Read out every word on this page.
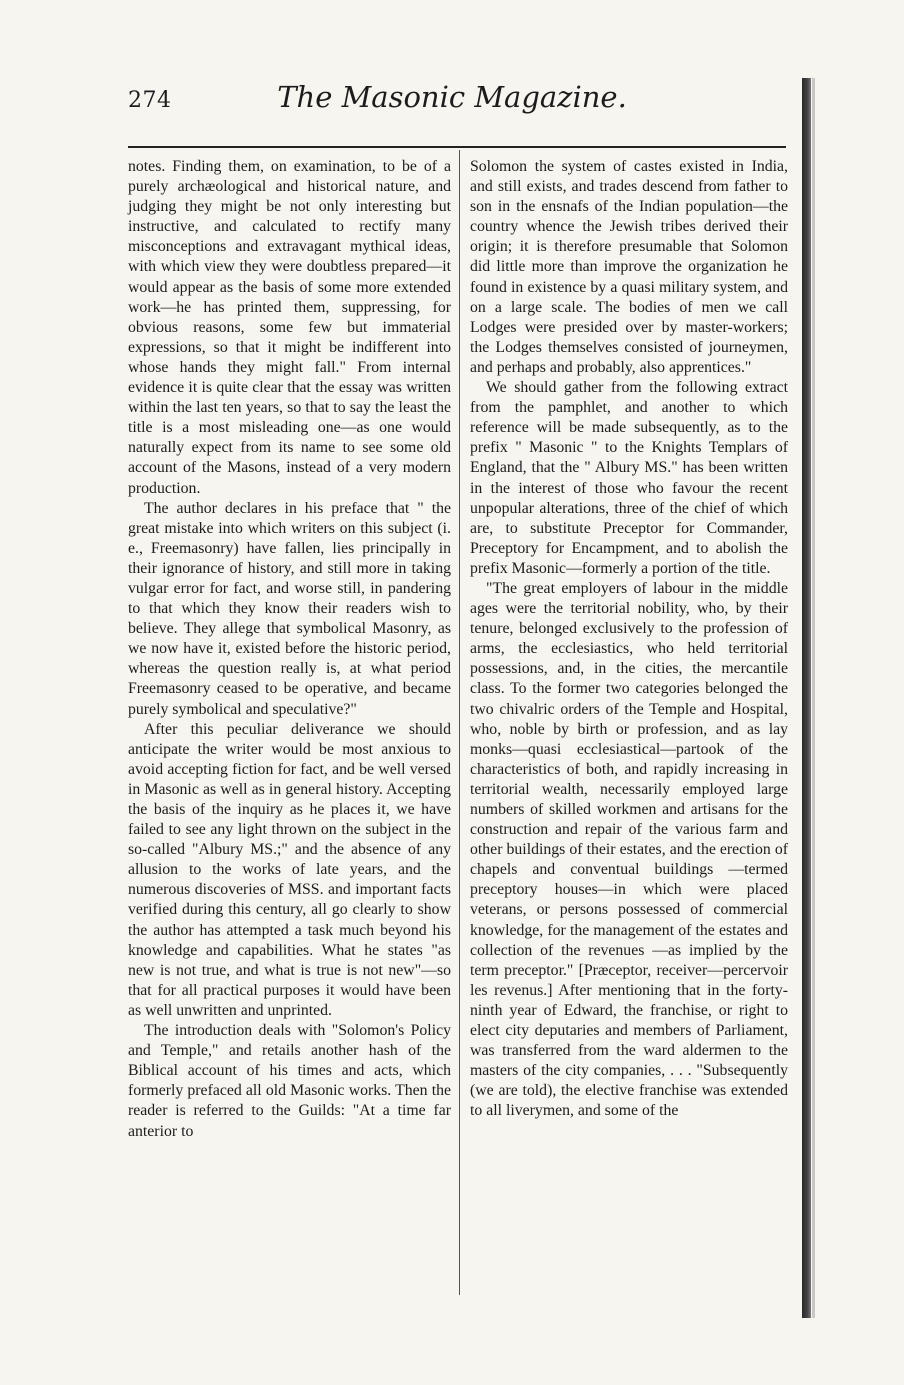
274	The Masonic Magazine.

notes. Finding them, on examination, to be of a purely archæological and historical nature, and judging they might be not only interesting but instructive, and calculated to rectify many misconceptions and extravagant mythical ideas, with which view they were doubtless prepared—it would appear as the basis of some more extended work—he has printed them, suppressing, for obvious reasons, some few but immaterial expressions, so that it might be indifferent into whose hands they might fall." From internal evidence it is quite clear that the essay was written within the last ten years, so that to say the least the title is a most misleading one—as one would naturally expect from its name to see some old account of the Masons, instead of a very modern production.

The author declares in his preface that " the great mistake into which writers on this subject (i. e., Freemasonry) have fallen, lies principally in their ignorance of history, and still more in taking vulgar error for fact, and worse still, in pandering to that which they know their readers wish to believe. They allege that symbolical Masonry, as we now have it, existed before the historic period, whereas the question really is, at what period Freemasonry ceased to be operative, and became purely symbolical and speculative?"

After this peculiar deliverance we should anticipate the writer would be most anxious to avoid accepting fiction for fact, and be well versed in Masonic as well as in general history. Accepting the basis of the inquiry as he places it, we have failed to see any light thrown on the subject in the so-called "Albury MS.;" and the absence of any allusion to the works of late years, and the numerous discoveries of MSS. and important facts verified during this century, all go clearly to show the author has attempted a task much beyond his knowledge and capabilities. What he states "as new is not true, and what is true is not new"—so that for all practical purposes it would have been as well unwritten and unprinted.

The introduction deals with "Solomon's Policy and Temple," and retails another hash of the Biblical account of his times and acts, which formerly prefaced all old Masonic works. Then the reader is referred to the Guilds: "At a time far anterior to

Solomon the system of castes existed in India, and still exists, and trades descend from father to son in the ensnafs of the Indian population—the country whence the Jewish tribes derived their origin; it is therefore presumable that Solomon did little more than improve the organization he found in existence by a quasi military system, and on a large scale. The bodies of men we call Lodges were presided over by master-workers; the Lodges themselves consisted of journeymen, and perhaps and probably, also apprentices."

We should gather from the following extract from the pamphlet, and another to which reference will be made subsequently, as to the prefix " Masonic " to the Knights Templars of England, that the " Albury MS." has been written in the interest of those who favour the recent unpopular alterations, three of the chief of which are, to substitute Preceptor for Commander, Preceptory for Encampment, and to abolish the prefix Masonic—formerly a portion of the title.

"The great employers of labour in the middle ages were the territorial nobility, who, by their tenure, belonged exclusively to the profession of arms, the ecclesiastics, who held territorial possessions, and, in the cities, the mercantile class. To the former two categories belonged the two chivalric orders of the Temple and Hospital, who, noble by birth or profession, and as lay monks—quasi ecclesiastical—partook of the characteristics of both, and rapidly increasing in territorial wealth, necessarily employed large numbers of skilled workmen and artisans for the construction and repair of the various farm and other buildings of their estates, and the erection of chapels and conventual buildings —termed preceptory houses—in which were placed veterans, or persons possessed of commercial knowledge, for the management of the estates and collection of the revenues —as implied by the term preceptor." [Præceptor, receiver—percervoir les revenus.] After mentioning that in the forty-ninth year of Edward, the franchise, or right to elect city deputaries and members of Parliament, was transferred from the ward aldermen to the masters of the city companies, . . . "Subsequently (we are told), the elective franchise was extended to all liverymen, and some of the
